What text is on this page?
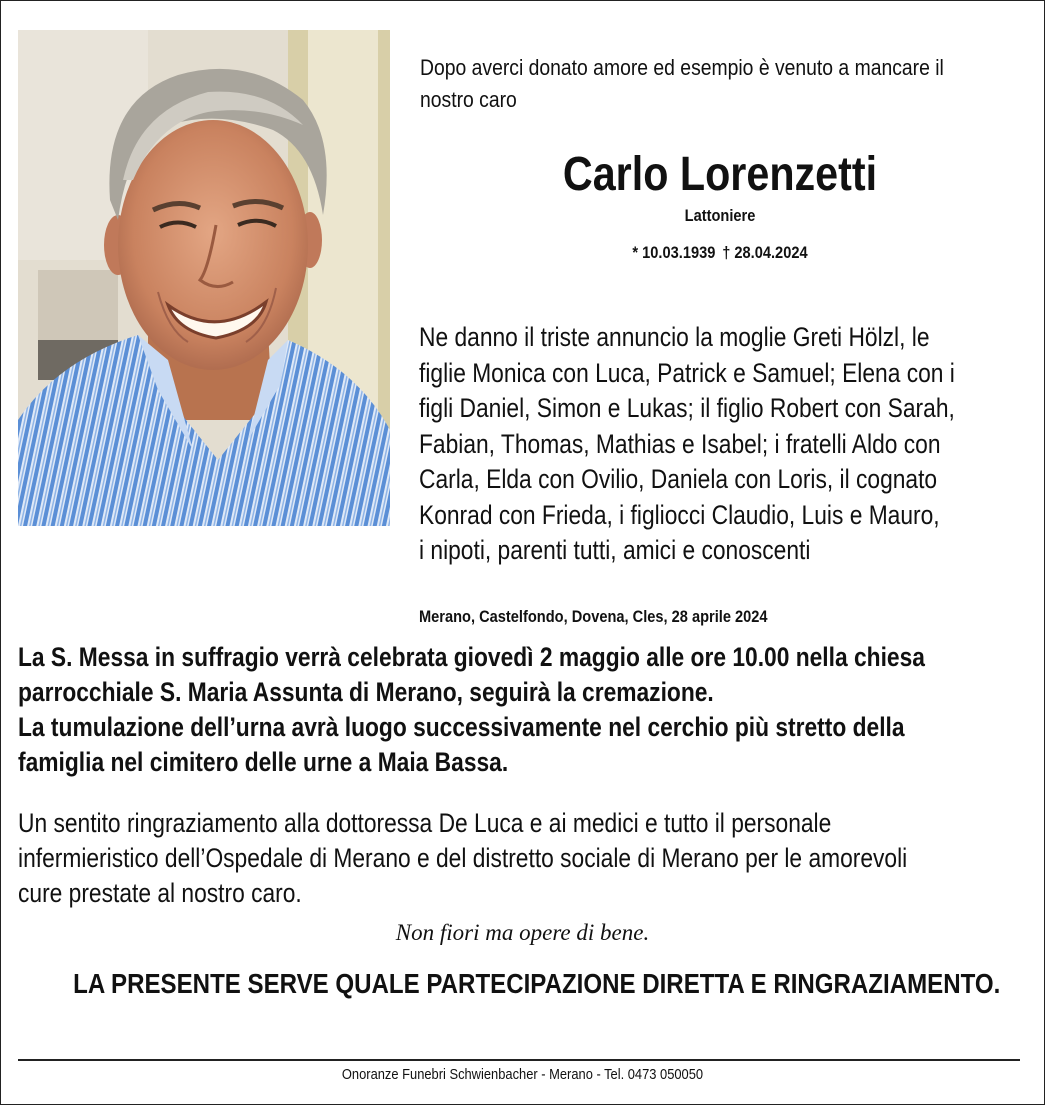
Dopo averci donato amore ed esempio è venuto a mancare il
nostro caro
Carlo Lorenzetti
Lattoniere
* 10.03.1939 † 28.04.2024
Ne danno il triste annuncio la moglie Greti Hölzl, le
figlie Monica con Luca, Patrick e Samuel; Elena con i
figli Daniel, Simon e Lukas; il figlio Robert con Sarah,
Fabian, Thomas, Mathias e Isabel; i fratelli Aldo con
Carla, Elda con Ovilio, Daniela con Loris, il cognato
Konrad con Frieda, i figliocci Claudio, Luis e Mauro,
i nipoti, parenti tutti, amici e conoscenti
Merano, Castelfondo, Dovena, Cles, 28 aprile 2024
La S. Messa in suffragio verrà celebrata giovedì 2 maggio alle ore 10.00 nella chiesa
parrocchiale S. Maria Assunta di Merano, seguirà la cremazione.
La tumulazione dell’urna avrà luogo successivamente nel cerchio più stretto della
famiglia nel cimitero delle urne a Maia Bassa.
Un sentito ringraziamento alla dottoressa De Luca e ai medici e tutto il personale
infermieristico dell’Ospedale di Merano e del distretto sociale di Merano per le amorevoli
cure prestate al nostro caro.
Non fiori ma opere di bene.
LA PRESENTE SERVE QUALE PARTECIPAZIONE DIRETTA E RINGRAZIAMENTO.
Onoranze Funebri Schwienbacher - Merano - Tel. 0473 050050
